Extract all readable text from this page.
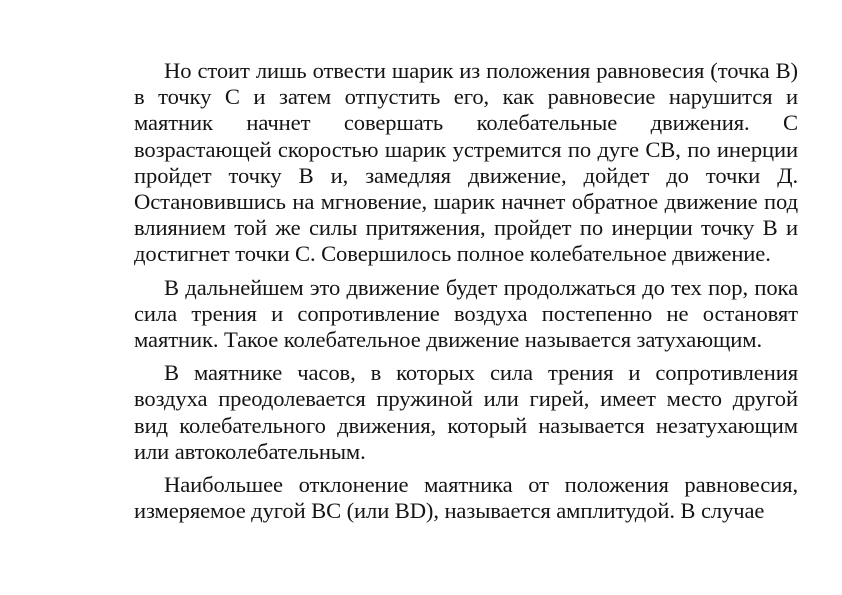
Но стоит лишь отвести шарик из положения равновесия (точка В) в точку С и затем отпустить его, как равновесие нарушится и маятник начнет совершать колебательные движения. С возрастающей скоростью шарик устремится по дуге СВ, по инерции пройдет точку В и, замедляя движение, дойдет до точки Д. Остановившись на мгновение, шарик начнет обратное движение под влиянием той же силы притяжения, пройдет по инерции точку В и достигнет точки С. Совершилось полное колебательное движение.

В дальнейшем это движение будет продолжаться до тех пор, пока сила трения и сопротивление воздуха постепенно не остановят маятник. Такое колебательное движение называется затухающим.

В маятнике часов, в которых сила трения и сопротивления воздуха преодолевается пружиной или гирей, имеет место другой вид колебательного движения, который называется незатухающим или автоколебательным.

Наибольшее отклонение маятника от положения равновесия, измеряемое дугой ВС (или ВD), называется амплитудой. В случае
